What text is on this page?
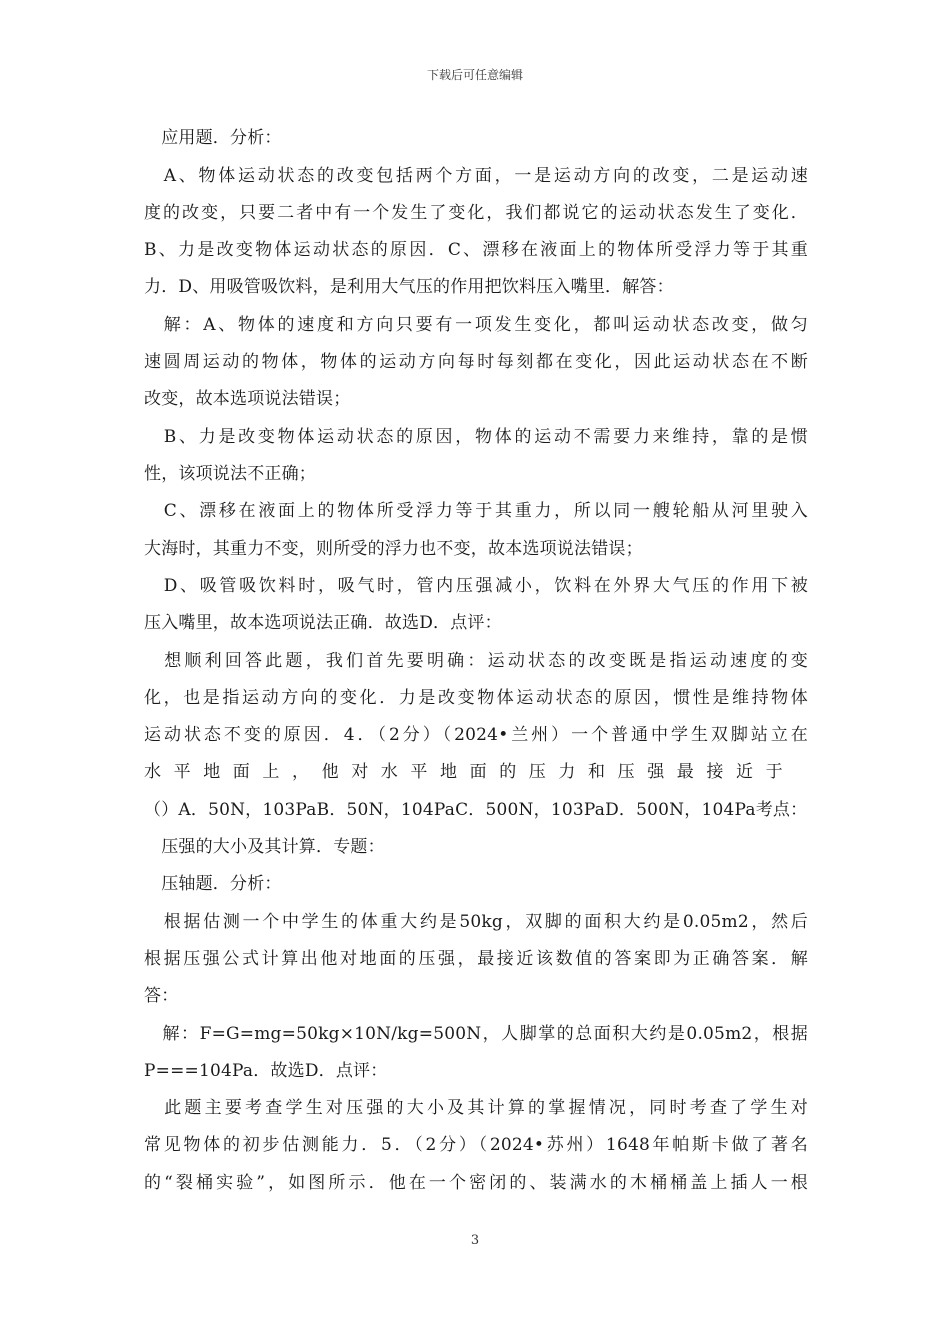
下载后可任意编辑
　应用题．分析：
　A、物体运动状态的改变包括两个方面，一是运动方向的改变，二是运动速
度的改变，只要二者中有一个发生了变化，我们都说它的运动状态发生了变化．
B、力是改变物体运动状态的原因．C、漂移在液面上的物体所受浮力等于其重
力．D、用吸管吸饮料，是利用大气压的作用把饮料压入嘴里．解答：
　解：A、物体的速度和方向只要有一项发生变化，都叫运动状态改变，做匀
速圆周运动的物体，物体的运动方向每时每刻都在变化，因此运动状态在不断
改变，故本选项说法错误；
　B、力是改变物体运动状态的原因，物体的运动不需要力来维持，靠的是惯
性，该项说法不正确；
　C、漂移在液面上的物体所受浮力等于其重力，所以同一艘轮船从河里驶入
大海时，其重力不变，则所受的浮力也不变，故本选项说法错误；
　D、吸管吸饮料时，吸气时，管内压强减小，饮料在外界大气压的作用下被
压入嘴里，故本选项说法正确．故选D．点评：
　想顺利回答此题，我们首先要明确：运动状态的改变既是指运动速度的变
化，也是指运动方向的变化．力是改变物体运动状态的原因，惯性是维持物体
运动状态不变的原因．4．（2分）（2024•兰州）一个普通中学生双脚站立在
水平地面上，他对水平地面的压力和压强最接近于
（）A．50N，103PaB．50N，104PaC．500N，103PaD．500N，104Pa考点：
　压强的大小及其计算．专题：
　压轴题．分析：
　根据估测一个中学生的体重大约是50kg，双脚的面积大约是0.05m2，然后
根据压强公式计算出他对地面的压强，最接近该数值的答案即为正确答案．解
答：
　解：F=G=mg=50kg×10N/kg=500N，人脚掌的总面积大约是0.05m2，根据
P===104Pa．故选D．点评：
　此题主要考查学生对压强的大小及其计算的掌握情况，同时考查了学生对
常见物体的初步估测能力．5．（2分）（2024•苏州）1648年帕斯卡做了著名
的“裂桶实验”，如图所示．他在一个密闭的、装满水的木桶桶盖上插人一根
3
